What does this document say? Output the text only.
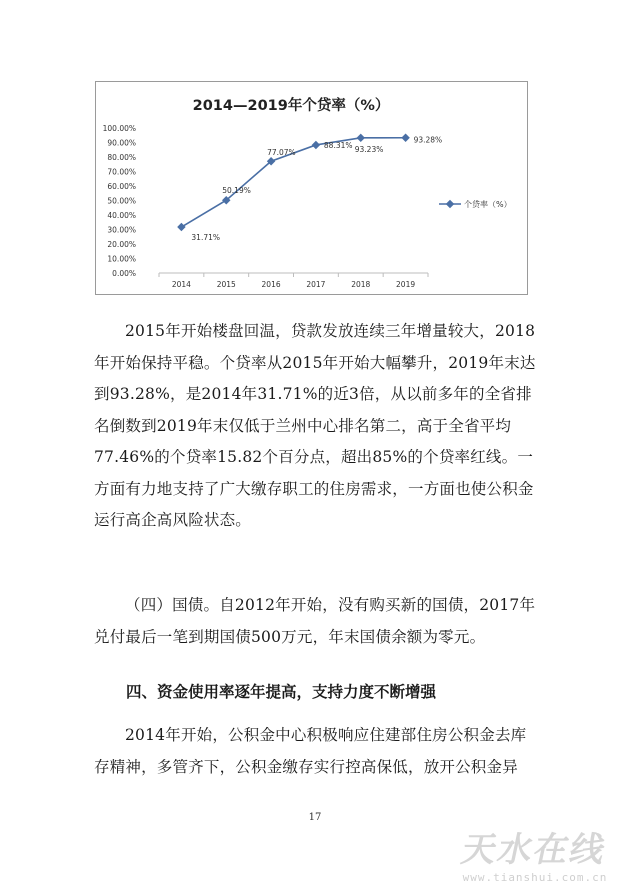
2014—2019年个贷率（%）
0.00%
10.00%
20.00%
30.00%
40.00%
50.00%
60.00%
70.00%
80.00%
90.00%
100.00%
2014	2015	2016	2017	2018	2019
31.71%
50.19%
77.07%
88.31% 93.23%
93.28%
个贷率（%）

2015年开始楼盘回温，贷款发放连续三年增量较大，2018年开始保持平稳。个贷率从2015年开始大幅攀升，2019年末达到93.28%，是2014年31.71%的近3倍，从以前多年的全省排名倒数到2019年末仅低于兰州中心排名第二，高于全省平均77.46%的个贷率15.82个百分点，超出85%的个贷率红线。一方面有力地支持了广大缴存职工的住房需求，一方面也使公积金运行高企高风险状态。

（四）国债。自2012年开始，没有购买新的国债，2017年兑付最后一笔到期国债500万元，年末国债余额为零元。

四、资金使用率逐年提高，支持力度不断增强

2014年开始，公积金中心积极响应住建部住房公积金去库存精神，多管齐下，公积金缴存实行控高保低，放开公积金异

17
天水在线
www.tianshui.com.cn
